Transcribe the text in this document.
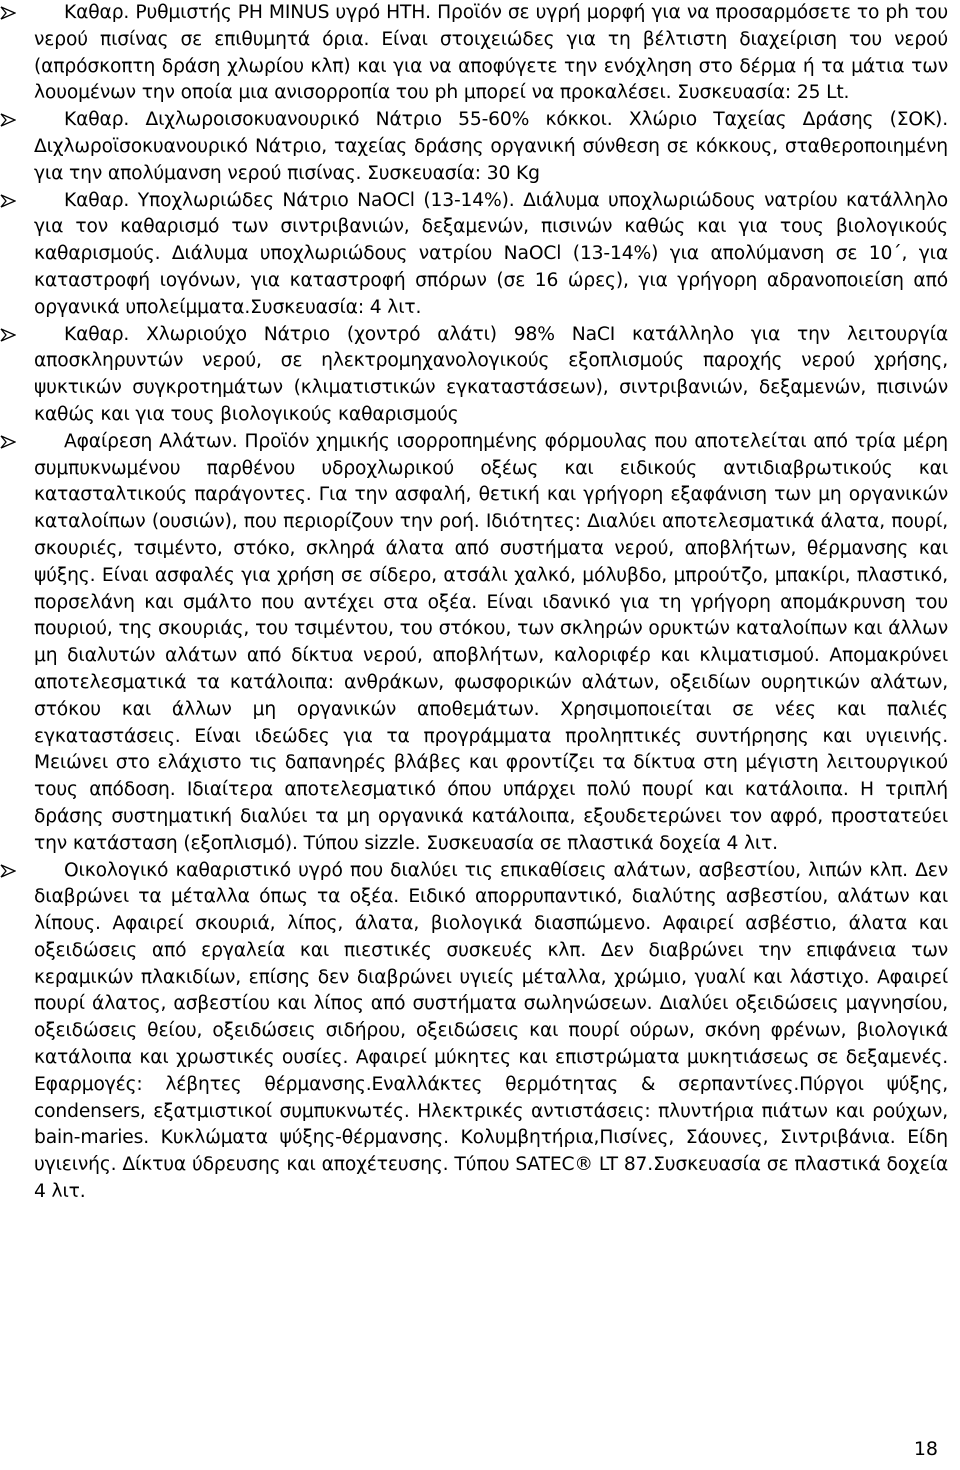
Καθαρ. Ρυθμιστής PH MINUS υγρό ΗΤΗ. Προϊόν σε υγρή μορφή για να προσαρμόσετε το ph του νερού πισίνας σε επιθυμητά όρια. Είναι στοιχειώδες για τη βέλτιστη διαχείριση του νερού (απρόσκοπτη δράση χλωρίου κλπ) και για να αποφύγετε την ενόχληση στο δέρμα ή τα μάτια των λουομένων την οποία μια ανισορροπία του ph μπορεί να προκαλέσει. Συσκευασία: 25 Lt.
Καθαρ. Διχλωροισοκυανουρικό Νάτριο 55-60% κόκκοι. Χλώριο Ταχείας Δράσης (ΣΟΚ). Διχλωροϊσοκυανουρικό Νάτριο, ταχείας δράσης οργανική σύνθεση σε κόκκους, σταθεροποιημένη για την απολύμανση νερού πισίνας. Συσκευασία: 30 Kg
Καθαρ. Υποχλωριώδες Νάτριο NaOCl (13-14%). Διάλυμα υποχλωριώδους νατρίου κατάλληλο για τον καθαρισμό των σιντριβανιών, δεξαμενών, πισινών καθώς και για τους βιολογικούς καθαρισμούς. Διάλυμα υποχλωριώδους νατρίου NaOCl (13-14%) για απολύμανση σε 10΄, για καταστροφή ιογόνων, για καταστροφή σπόρων (σε 16 ώρες), για γρήγορη αδρανοποιείση από οργανικά υπολείμματα.Συσκευασία: 4 λιτ.
Καθαρ. Χλωριούχο Νάτριο (χοντρό αλάτι) 98% NaCI κατάλληλο για την λειτουργία αποσκληρυντών νερού, σε ηλεκτρομηχανολογικούς εξοπλισμούς παροχής νερού χρήσης, ψυκτικών συγκροτημάτων (κλιματιστικών εγκαταστάσεων), σιντριβανιών, δεξαμενών, πισινών καθώς και για τους βιολογικούς καθαρισμούς
Αφαίρεση Αλάτων. Προϊόν χημικής ισορροπημένης φόρμουλας που αποτελείται από τρία μέρη συμπυκνωμένου παρθένου υδροχλωρικού οξέως και ειδικούς αντιδιαβρωτικούς και κατασταλτικούς παράγοντες. Για την ασφαλή, θετική και γρήγορη εξαφάνιση των μη οργανικών καταλοίπων (ουσιών), που περιορίζουν την ροή. Ιδιότητες: Διαλύει αποτελεσματικά άλατα, πουρί, σκουριές, τσιμέντο, στόκο, σκληρά άλατα από συστήματα νερού, αποβλήτων, θέρμανσης και ψύξης. Είναι ασφαλές για χρήση σε σίδερο, ατσάλι χαλκό, μόλυβδο, μπρούτζο, μπακίρι, πλαστικό, πορσελάνη και σμάλτο που αντέχει στα οξέα. Είναι ιδανικό για τη γρήγορη απομάκρυνση του πουριού, της σκουριάς, του τσιμέντου, του στόκου, των σκληρών ορυκτών καταλοίπων και άλλων μη διαλυτών αλάτων από δίκτυα νερού, αποβλήτων, καλοριφέρ και κλιματισμού. Απομακρύνει αποτελεσματικά τα κατάλοιπα: ανθράκων, φωσφορικών αλάτων, οξειδίων ουρητικών αλάτων, στόκου και άλλων μη οργανικών αποθεμάτων. Χρησιμοποιείται σε νέες και παλιές εγκαταστάσεις. Είναι ιδεώδες για τα προγράμματα προληπτικές συντήρησης και υγιεινής. Μειώνει στο ελάχιστο τις δαπανηρές βλάβες και φροντίζει τα δίκτυα στη μέγιστη λειτουργικού τους απόδοση. Ιδιαίτερα αποτελεσματικό όπου υπάρχει πολύ πουρί και κατάλοιπα. Η τριπλή δράσης συστηματική διαλύει τα μη οργανικά κατάλοιπα, εξουδετερώνει τον αφρό, προστατεύει την κατάσταση (εξοπλισμό). Τύπου sizzle. Συσκευασία σε πλαστικά δοχεία 4 λιτ.
Οικολογικό καθαριστικό υγρό που διαλύει τις επικαθίσεις αλάτων, ασβεστίου, λιπών κλπ. Δεν διαβρώνει τα μέταλλα όπως τα οξέα. Ειδικό απορρυπαντικό, διαλύτης ασβεστίου, αλάτων και λίπους. Αφαιρεί σκουριά, λίπος, άλατα, βιολογικά διασπώμενο. Αφαιρεί ασβέστιο, άλατα και οξειδώσεις από εργαλεία και πιεστικές συσκευές κλπ. Δεν διαβρώνει την επιφάνεια των κεραμικών πλακιδίων, επίσης δεν διαβρώνει υγιείς μέταλλα, χρώμιο, γυαλί και λάστιχο. Αφαιρεί πουρί άλατος, ασβεστίου και λίπος από συστήματα σωληνώσεων. Διαλύει οξειδώσεις μαγνησίου, οξειδώσεις θείου, οξειδώσεις σιδήρου, οξειδώσεις και πουρί ούρων, σκόνη φρένων, βιολογικά κατάλοιπα και χρωστικές ουσίες. Αφαιρεί μύκητες και επιστρώματα μυκητιάσεως σε δεξαμενές. Εφαρμογές: λέβητες θέρμανσης.Εναλλάκτες θερμότητας & σερπαντίνες.Πύργοι ψύξης, condensers, εξατμιστικοί συμπυκνωτές. Ηλεκτρικές αντιστάσεις: πλυντήρια πιάτων και ρούχων, bain-maries. Κυκλώματα ψύξης-θέρμανσης. Κολυμβητήρια,Πισίνες, Σάουνες, Σιντριβάνια. Είδη υγιεινής. Δίκτυα ύδρευσης και αποχέτευσης. Τύπου SATEC® LT 87.Συσκευασία σε πλαστικά δοχεία 4 λιτ.
18
